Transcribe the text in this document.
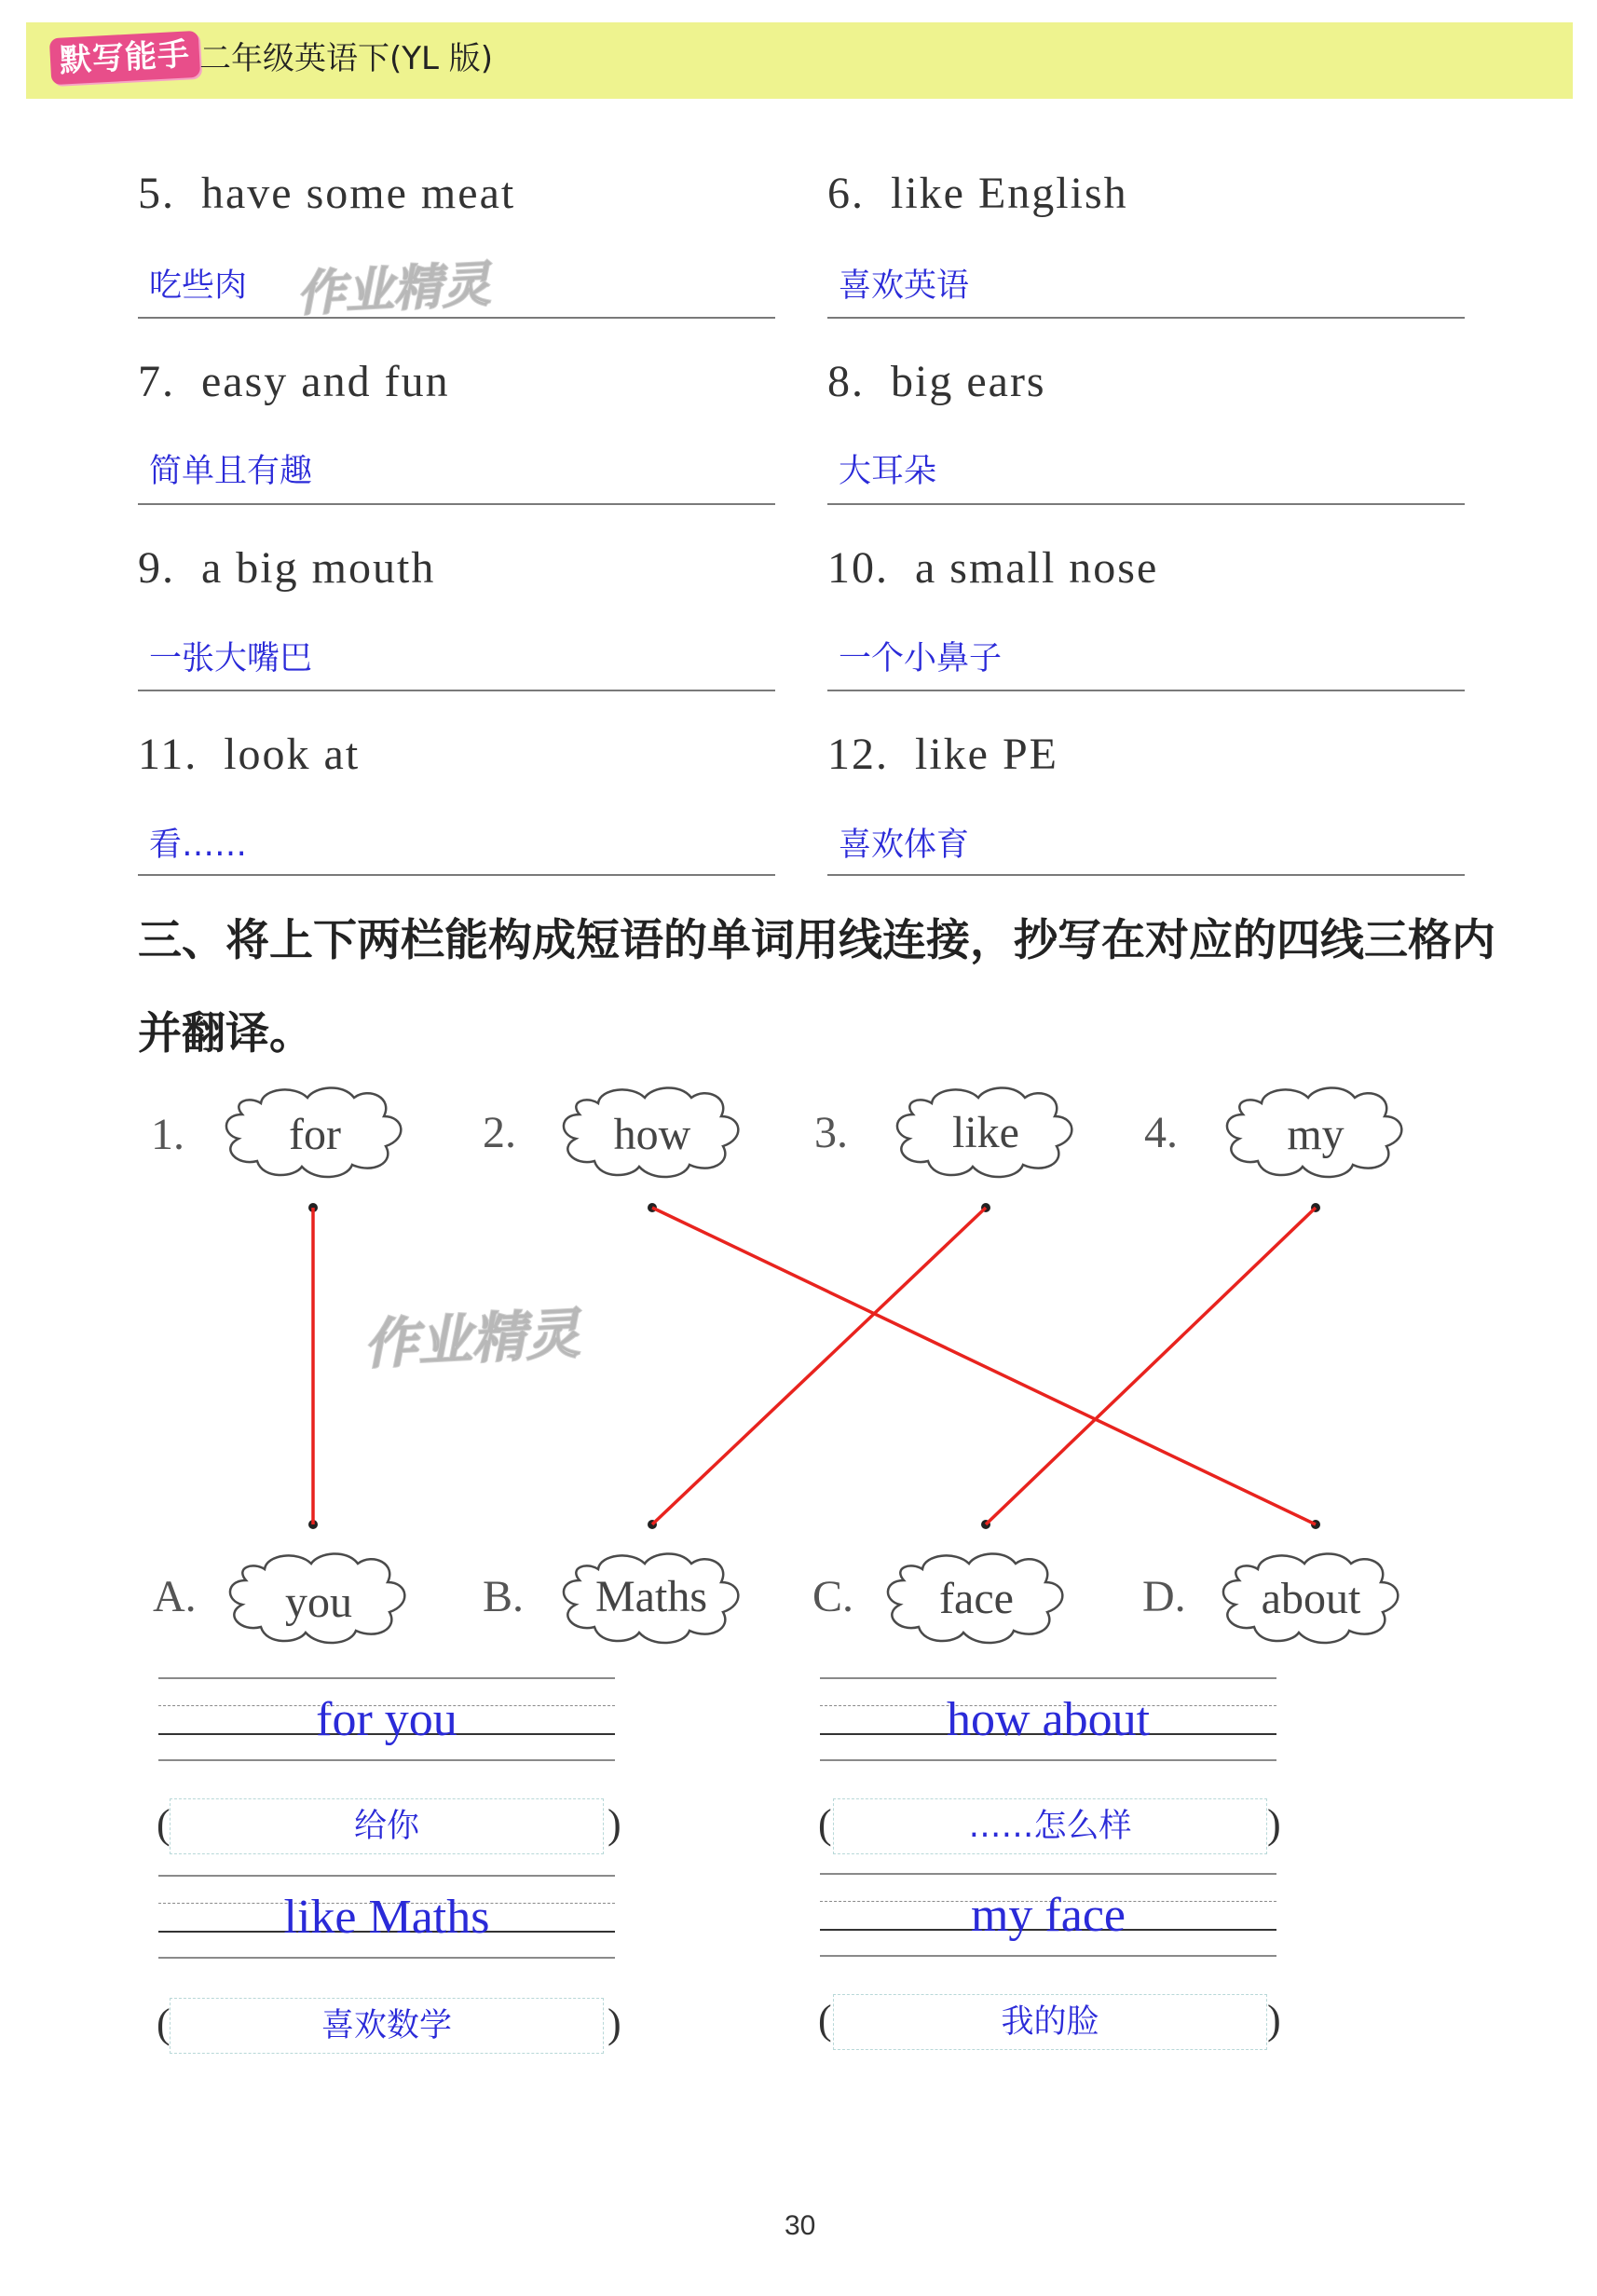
默写能手 二年级英语下(YL 版)
5. have some meat
吃些肉
6. like English
喜欢英语
7. easy and fun
简单且有趣
8. big ears
大耳朵
9. a big mouth
一张大嘴巴
10. a small nose
一个小鼻子
11. look at
看……
12. like PE
喜欢体育
作业精灵
作业精灵
三、将上下两栏能构成短语的单词用线连接，抄写在对应的四线三格内并翻译。
1.	for	2.	how	3.	like	4.	my
A.	you	B.	Maths	C.	face	D.	about
for you
(	给你	)
how about
(	……怎么样	)
like Maths
(	喜欢数学	)
my face
(	我的脸	)
30
